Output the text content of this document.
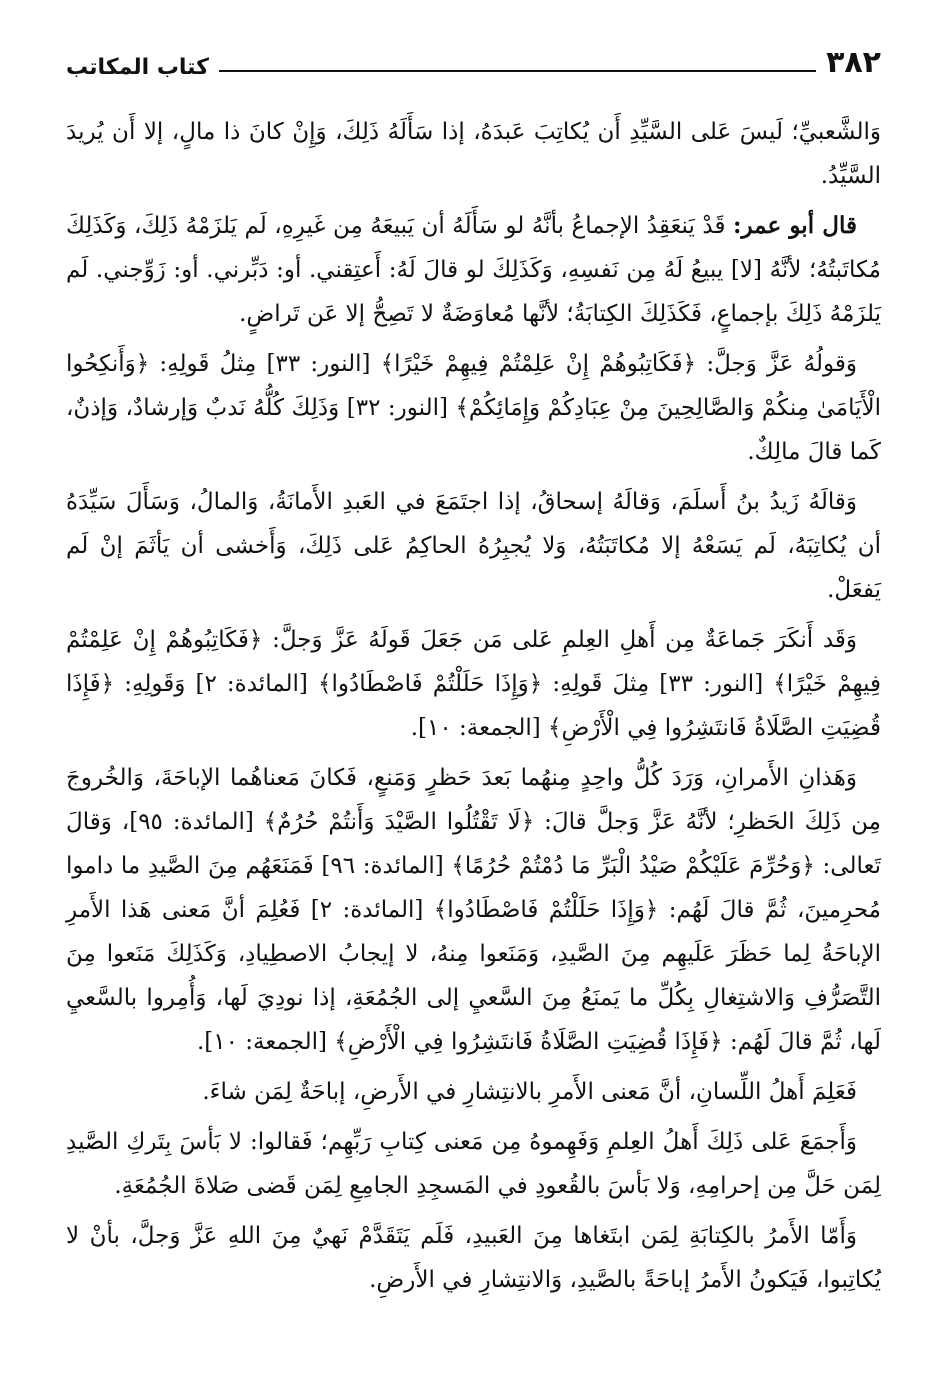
٣٨٢
كتاب المكاتب

وَالشَّعبيِّ؛ لَيسَ عَلى السَّيِّدِ أَن يُكاتِبَ عَبدَهُ، إذا سَأَلَهُ ذَلِكَ، وَإِنْ كانَ ذا مالٍ، إلا أَن يُريدَ السَّيِّدُ.

قال أبو عمر: قَدْ يَنعَقِدُ الإجماعُ بأنَّهُ لو سَأَلَهُ أن يَبيعَهُ مِن غَيرِهِ، لَم يَلزَمْهُ ذَلِكَ، وَكَذَلِكَ مُكاتَبتُهُ؛ لأنَّهُ [لا] يبيعُ لَهُ مِن نَفسِهِ، وَكَذَلِكَ لو قالَ لَهُ: أَعتِقني. أو: دَبِّرني. أو: زَوِّجني. لَم يَلزَمْهُ ذَلِكَ بإجماعٍ، فَكَذَلِكَ الكِتابَةُ؛ لأنَّها مُعاوَضَةٌ لا تَصِحُّ إلا عَن تَراضٍ.

وَقولُهُ عَزَّ وَجلَّ: ﴿فَكَاتِبُوهُمْ إِنْ عَلِمْتُمْ فِيهِمْ خَيْرًا﴾ [النور: ٣٣] مِثلُ قَولِهِ: ﴿وَأَنكِحُوا الْأَيَامَىٰ مِنكُمْ وَالصَّالِحِينَ مِنْ عِبَادِكُمْ وَإِمَائِكُمْ﴾ [النور: ٣٢] وَذَلِكَ كُلُّهُ نَدبٌ وَإرشادٌ، وَإذنٌ، كَما قالَ مالِكٌ.

وَقالَهُ زَيدُ بنُ أَسلَمَ، وَقالَهُ إسحاقُ، إذا اجتَمَعَ في العَبدِ الأَمانَةُ، وَالمالُ، وَسَأَلَ سَيِّدَهُ أن يُكاتِبَهُ، لَم يَسَعْهُ إلا مُكاتَبَتُهُ، وَلا يُجبِرُهُ الحاكِمُ عَلى ذَلِكَ، وَأَخشى أن يَأثَمَ إنْ لَم يَفعَلْ.

وَقَد أَنكَرَ جَماعَةٌ مِن أَهلِ العِلمِ عَلى مَن جَعَلَ قَولَهُ عَزَّ وَجلَّ: ﴿فَكَاتِبُوهُمْ إِنْ عَلِمْتُمْ فِيهِمْ خَيْرًا﴾ [النور: ٣٣] مِثلَ قَولِهِ: ﴿وَإِذَا حَلَلْتُمْ فَاصْطَادُوا﴾ [المائدة: ٢] وَقَولِهِ: ﴿فَإِذَا قُضِيَتِ الصَّلَاةُ فَانتَشِرُوا فِي الْأَرْضِ﴾ [الجمعة: ١٠].

وَهَذانِ الأَمرانِ، وَرَدَ كُلُّ واحِدٍ مِنهُما بَعدَ حَظرٍ وَمَنعٍ، فَكانَ مَعناهُما الإباحَةَ، وَالخُروجَ مِن ذَلِكَ الحَظرِ؛ لأنَّهُ عَزَّ وَجلَّ قالَ: ﴿لَا تَقْتُلُوا الصَّيْدَ وَأَنتُمْ حُرُمٌ﴾ [المائدة: ٩٥]، وَقالَ تَعالى: ﴿وَحُرِّمَ عَلَيْكُمْ صَيْدُ الْبَرِّ مَا دُمْتُمْ حُرُمًا﴾ [المائدة: ٩٦] فَمَنَعَهُم مِنَ الصَّيدِ ما داموا مُحرِمينَ، ثُمَّ قالَ لَهُم: ﴿وَإِذَا حَلَلْتُمْ فَاصْطَادُوا﴾ [المائدة: ٢] فَعُلِمَ أنَّ مَعنى هَذا الأَمرِ الإباحَةُ لِما حَظَرَ عَلَيهِم مِنَ الصَّيدِ، وَمَنَعوا مِنهُ، لا إيجابُ الاصطِيادِ، وَكَذَلِكَ مَنَعوا مِنَ التَّصَرُّفِ وَالاشتِغالِ بِكُلِّ ما يَمنَعُ مِنَ السَّعيِ إلى الجُمُعَةِ، إذا نودِيَ لَها، وَأُمِروا بالسَّعيِ لَها، ثُمَّ قالَ لَهُم: ﴿فَإِذَا قُضِيَتِ الصَّلَاةُ فَانتَشِرُوا فِي الْأَرْضِ﴾ [الجمعة: ١٠].

فَعَلِمَ أَهلُ اللِّسانِ، أنَّ مَعنى الأَمرِ بالانتِشارِ في الأَرضِ، إباحَةٌ لِمَن شاءَ.

وَأَجمَعَ عَلى ذَلِكَ أَهلُ العِلمِ وَفَهِموهُ مِن مَعنى كِتابِ رَبِّهِم؛ فَقالوا: لا بَأسَ بِتَركِ الصَّيدِ لِمَن حَلَّ مِن إحرامِهِ، وَلا بَأسَ بالقُعودِ في المَسجِدِ الجامِعِ لِمَن قَضى صَلاةَ الجُمُعَةِ.

وَأَمّا الأَمرُ بالكِتابَةِ لِمَن ابتَغاها مِنَ العَبيدِ، فَلَم يَتَقَدَّمْ نَهيٌ مِنَ اللهِ عَزَّ وَجلَّ، بأنْ لا يُكاتِبوا، فَيَكونُ الأَمرُ إباحَةً بالصَّيدِ، وَالانتِشارِ في الأَرضِ.
